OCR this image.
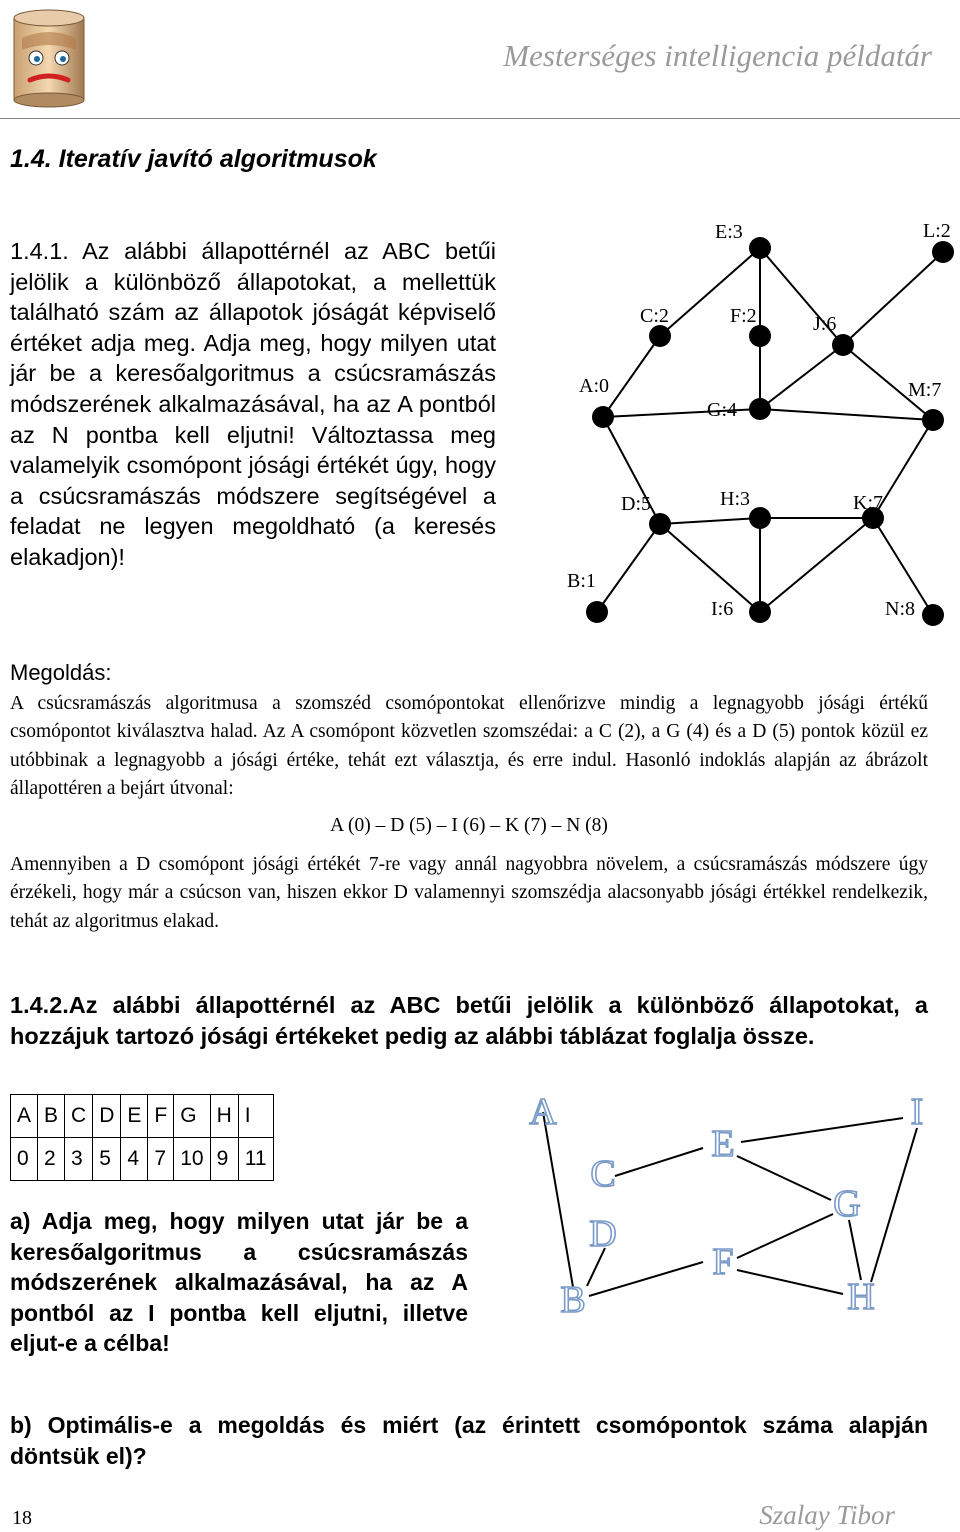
Mesterséges intelligencia példatár
1.4. Iteratív javító algoritmusok
1.4.1. Az alábbi állapottérnél az ABC betűi jelölik a különböző állapotokat, a mellettük található szám az állapotok jóságát képviselő értéket adja meg. Adja meg, hogy milyen utat jár be a keresőalgoritmus a csúcsramászás módszerének alkalmazásával, ha az A pontból az N pontba kell eljutni! Változtassa meg valamelyik csomópont jósági értékét úgy, hogy a csúcsramászás módszere segítségével a feladat ne legyen megoldható (a keresés elakadjon)!
A:0
B:1
C:2
D:5
E:3
F:2
G:4
H:3
I:6
J:6
K:7
L:2
M:7
N:8
Megoldás:
A csúcsramászás algoritmusa a szomszéd csomópontokat ellenőrizve mindig a legnagyobb jósági értékű csomópontot kiválasztva halad. Az A csomópont közvetlen szomszédai: a C (2), a G (4) és a D (5) pontok közül ez utóbbinak a legnagyobb a jósági értéke, tehát ezt választja, és erre indul. Hasonló indoklás alapján az ábrázolt állapottéren a bejárt útvonal:
A (0) – D (5) – I (6) – K (7) – N (8)
Amennyiben a D csomópont jósági értékét 7-re vagy annál nagyobbra növelem, a csúcsramászás módszere úgy érzékeli, hogy már a csúcson van, hiszen ekkor D valamennyi szomszédja alacsonyabb jósági értékkel rendelkezik, tehát az algoritmus elakad.
1.4.2.Az alábbi állapottérnél az ABC betűi jelölik a különböző állapotokat, a hozzájuk tartozó jósági értékeket pedig az alábbi táblázat foglalja össze.
A	B	C	D	E	F	G	H	I
0	2	3	5	4	7	10	9	11
a) Adja meg, hogy milyen utat jár be a keresőalgoritmus a csúcsramászás módszerének alkalmazásával, ha az A pontból az I pontba kell eljutni, illetve eljut-e a célba!
A
B
C
D
E
F
G
H
I
b) Optimális-e a megoldás és miért (az érintett csomópontok száma alapján döntsük el)?
18	Szalay Tibor
